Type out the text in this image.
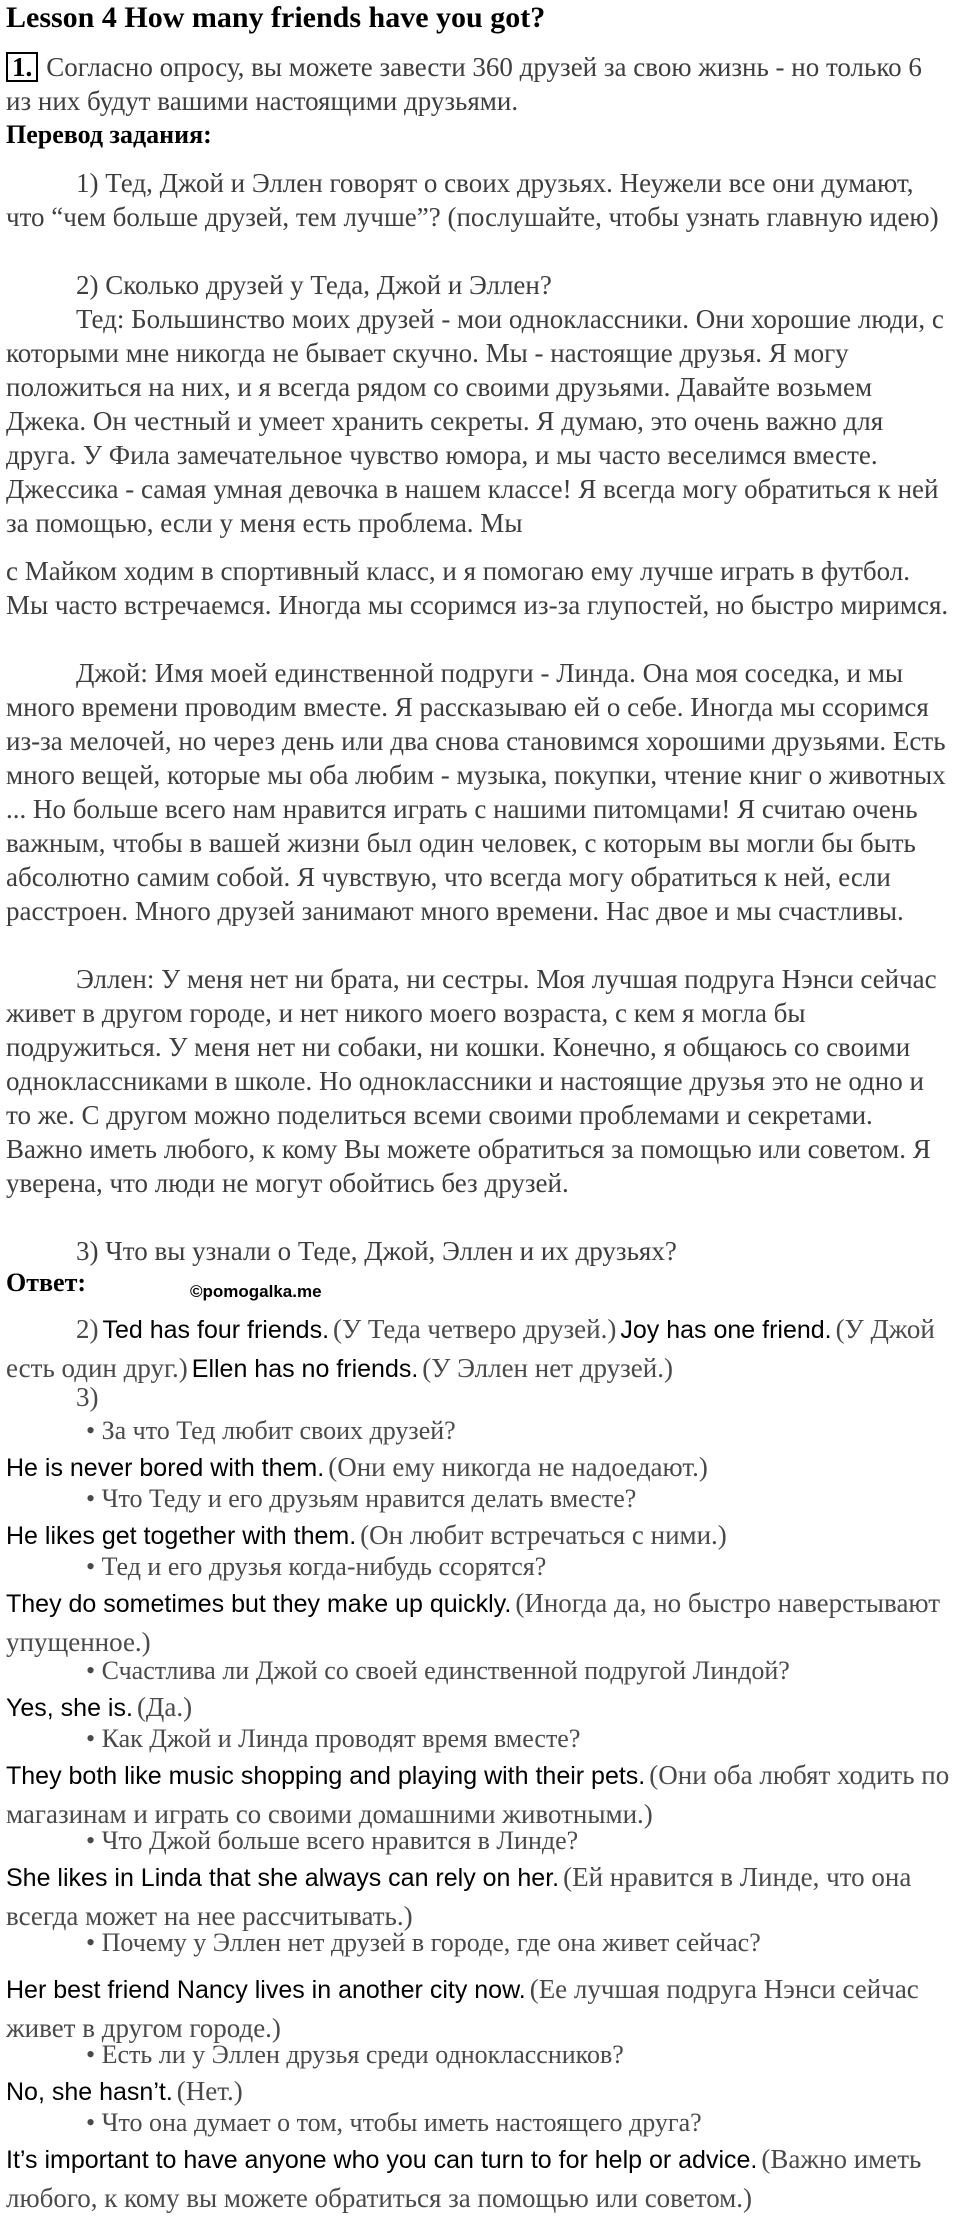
Lesson 4 How many friends have you got?
1. Согласно опросу, вы можете завести 360 друзей за свою жизнь - но только 6 из них будут вашими настоящими друзьями.
Перевод задания:
1) Тед, Джой и Эллен говорят о своих друзьях. Неужели все они думают, что “чем больше друзей, тем лучше”? (послушайте, чтобы узнать главную идею)
2) Сколько друзей у Теда, Джой и Эллен?
Тед: Большинство моих друзей - мои одноклассники. Они хорошие люди, с которыми мне никогда не бывает скучно. Мы - настоящие друзья. Я могу положиться на них, и я всегда рядом со своими друзьями. Давайте возьмем Джека. Он честный и умеет хранить секреты. Я думаю, это очень важно для друга. У Фила замечательное чувство юмора, и мы часто веселимся вместе. Джессика - самая умная девочка в нашем классе! Я всегда могу обратиться к ней за помощью, если у меня есть проблема. Мы
с Майком ходим в спортивный класс, и я помогаю ему лучше играть в футбол. Мы часто встречаемся. Иногда мы ссоримся из-за глупостей, но быстро миримся.
Джой: Имя моей единственной подруги - Линда. Она моя соседка, и мы много времени проводим вместе. Я рассказываю ей о себе. Иногда мы ссоримся из-за мелочей, но через день или два снова становимся хорошими друзьями. Есть много вещей, которые мы оба любим - музыка, покупки, чтение книг о животных ... Но больше всего нам нравится играть с нашими питомцами! Я считаю очень важным, чтобы в вашей жизни был один человек, с которым вы могли бы быть абсолютно самим собой. Я чувствую, что всегда могу обратиться к ней, если расстроен. Много друзей занимают много времени. Нас двое и мы счастливы.
Эллен: У меня нет ни брата, ни сестры. Моя лучшая подруга Нэнси сейчас живет в другом городе, и нет никого моего возраста, с кем я могла бы подружиться. У меня нет ни собаки, ни кошки. Конечно, я общаюсь со своими одноклассниками в школе. Но одноклассники и настоящие друзья это не одно и то же. С другом можно поделиться всеми своими проблемами и секретами. Важно иметь любого, к кому Вы можете обратиться за помощью или советом. Я уверена, что люди не могут обойтись без друзей.
3) Что вы узнали о Теде, Джой, Эллен и их друзьях?
Ответ:	©pomogalka.me
2) Ted has four friends. (У Теда четверо друзей.) Joy has one friend. (У Джой есть один друг.) Ellen has no friends. (У Эллен нет друзей.)
3)
• За что Тед любит своих друзей?
He is never bored with them. (Они ему никогда не надоедают.)
• Что Теду и его друзьям нравится делать вместе?
He likes get together with them. (Он любит встречаться с ними.)
• Тед и его друзья когда-нибудь ссорятся?
They do sometimes but they make up quickly. (Иногда да, но быстро наверстывают упущенное.)
• Счастлива ли Джой со своей единственной подругой Линдой?
Yes, she is. (Да.)
• Как Джой и Линда проводят время вместе?
They both like music shopping and playing with their pets. (Они оба любят ходить по магазинам и играть со своими домашними животными.)
• Что Джой больше всего нравится в Линде?
She likes in Linda that she always can rely on her. (Ей нравится в Линде, что она всегда может на нее рассчитывать.)
• Почему у Эллен нет друзей в городе, где она живет сейчас?
Her best friend Nancy lives in another city now. (Ее лучшая подруга Нэнси сейчас живет в другом городе.)
• Есть ли у Эллен друзья среди одноклассников?
No, she hasn’t. (Нет.)
• Что она думает о том, чтобы иметь настоящего друга?
It’s important to have anyone who you can turn to for help or advice. (Важно иметь любого, к кому вы можете обратиться за помощью или советом.)
